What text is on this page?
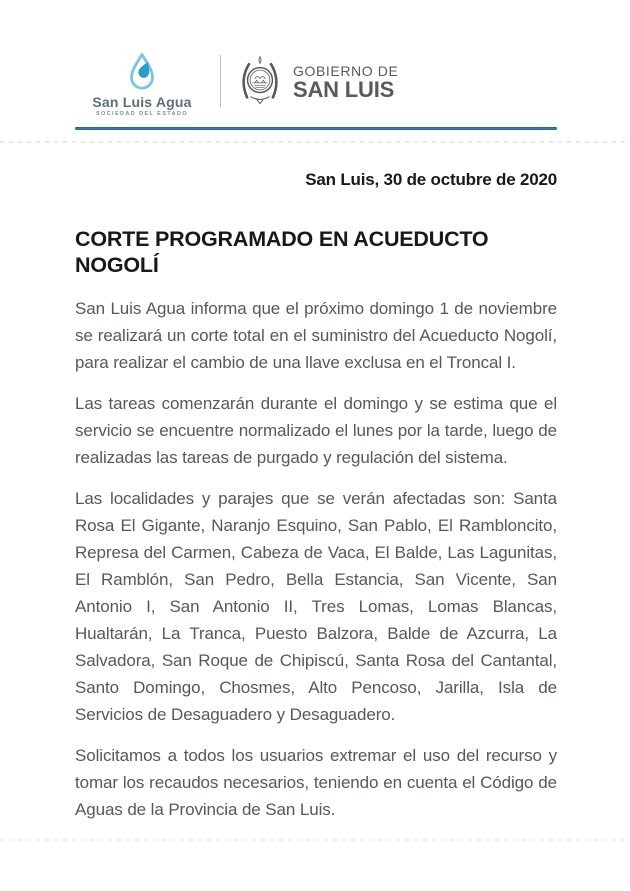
San Luis Agua
SOCIEDAD DEL ESTADO
GOBIERNO DE
SAN LUIS
San Luis, 30 de octubre de 2020
CORTE PROGRAMADO EN ACUEDUCTO NOGOLÍ

San Luis Agua informa que el próximo domingo 1 de noviembre se realizará un corte total en el suministro del Acueducto Nogolí, para realizar el cambio de una llave exclusa en el Troncal I.

Las tareas comenzarán durante el domingo y se estima que el servicio se encuentre normalizado el lunes por la tarde, luego de realizadas las tareas de purgado y regulación del sistema.

Las localidades y parajes que se verán afectadas son: Santa Rosa El Gigante, Naranjo Esquino, San Pablo, El Rambloncito, Represa del Carmen, Cabeza de Vaca, El Balde, Las Lagunitas, El Ramblón, San Pedro, Bella Estancia, San Vicente, San Antonio I, San Antonio II, Tres Lomas, Lomas Blancas, Hualtarán, La Tranca, Puesto Balzora, Balde de Azcurra, La Salvadora, San Roque de Chipiscú, Santa Rosa del Cantantal, Santo Domingo, Chosmes, Alto Pencoso, Jarilla, Isla de Servicios de Desaguadero y Desaguadero.

Solicitamos a todos los usuarios extremar el uso del recurso y tomar los recaudos necesarios, teniendo en cuenta el Código de Aguas de la Provincia de San Luis.
